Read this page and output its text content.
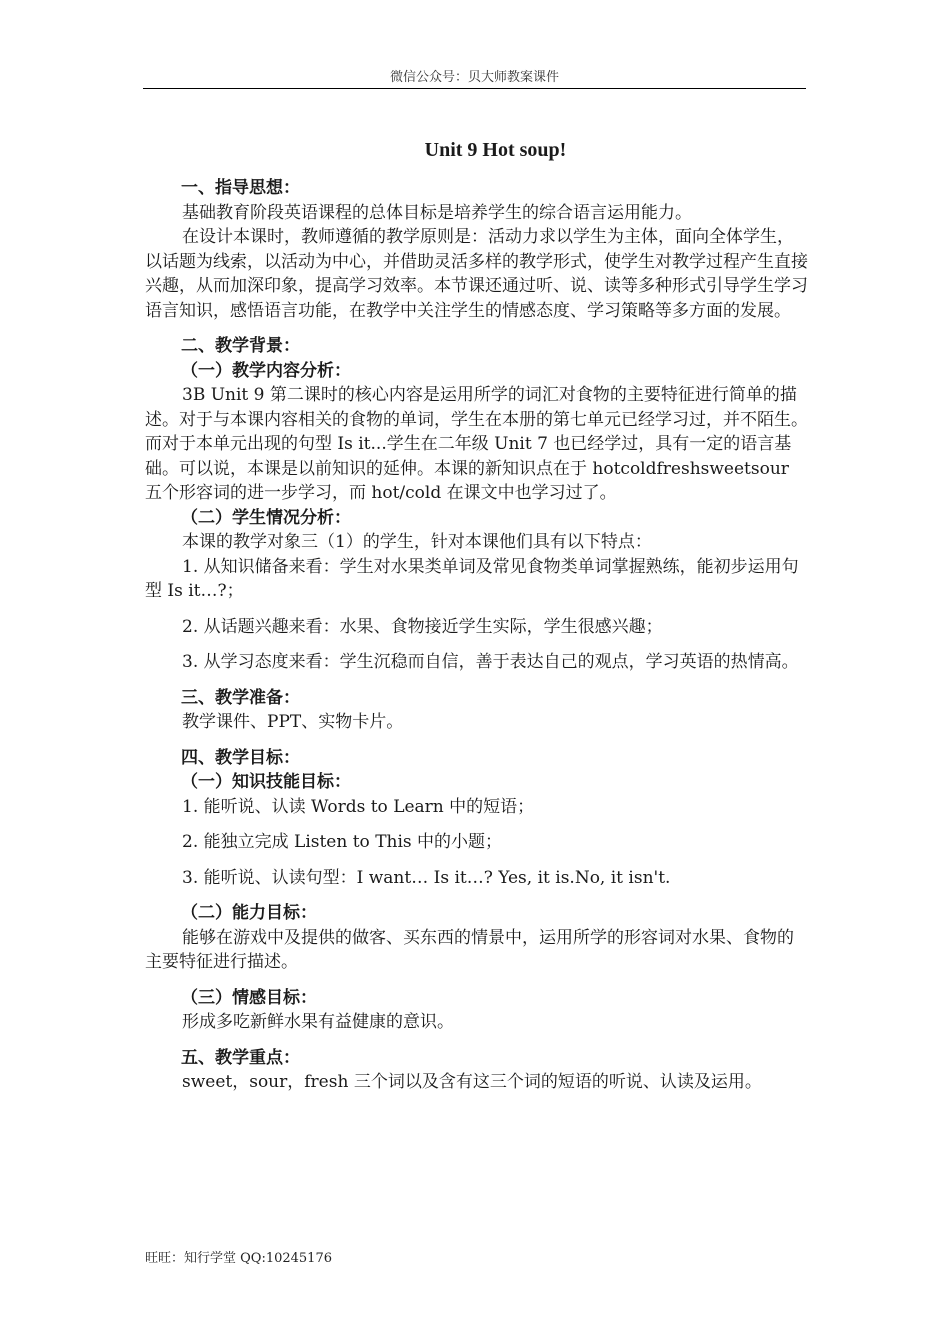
微信公众号：贝大师教案课件
Unit 9 Hot soup!

一、指导思想：

基础教育阶段英语课程的总体目标是培养学生的综合语言运用能力。

在设计本课时，教师遵循的教学原则是：活动力求以学生为主体，面向全体学生，以话题为线索，以活动为中心，并借助灵活多样的教学形式，使学生对教学过程产生直接兴趣，从而加深印象，提高学习效率。本节课还通过听、说、读等多种形式引导学生学习语言知识，感悟语言功能，在教学中关注学生的情感态度、学习策略等多方面的发展。

二、教学背景：

（一）教学内容分析：

3B Unit 9 第二课时的核心内容是运用所学的词汇对食物的主要特征进行简单的描述。对于与本课内容相关的食物的单词，学生在本册的第七单元已经学习过，并不陌生。而对于本单元出现的句型 Is it...学生在二年级 Unit 7 也已经学过，具有一定的语言基础。可以说，本课是以前知识的延伸。本课的新知识点在于 hotcoldfreshsweetsour 五个形容词的进一步学习，而 hot/cold 在课文中也学习过了。

（二）学生情况分析：

本课的教学对象三（1）的学生，针对本课他们具有以下特点：

1. 从知识储备来看：学生对水果类单词及常见食物类单词掌握熟练，能初步运用句型 Is it…?；

2. 从话题兴趣来看：水果、食物接近学生实际，学生很感兴趣；

3. 从学习态度来看：学生沉稳而自信，善于表达自己的观点，学习英语的热情高。

三、教学准备：

教学课件、PPT、实物卡片。

四、教学目标：

（一）知识技能目标：

1. 能听说、认读 Words to Learn 中的短语；

2. 能独立完成 Listen to This 中的小题；

3. 能听说、认读句型：I want… Is it…? Yes, it is.No, it isn't.

（二）能力目标：

能够在游戏中及提供的做客、买东西的情景中，运用所学的形容词对水果、食物的主要特征进行描述。

（三）情感目标：

形成多吃新鲜水果有益健康的意识。

五、教学重点：

sweet，sour，fresh 三个词以及含有这三个词的短语的听说、认读及运用。

旺旺：知行学堂 QQ:10245176
